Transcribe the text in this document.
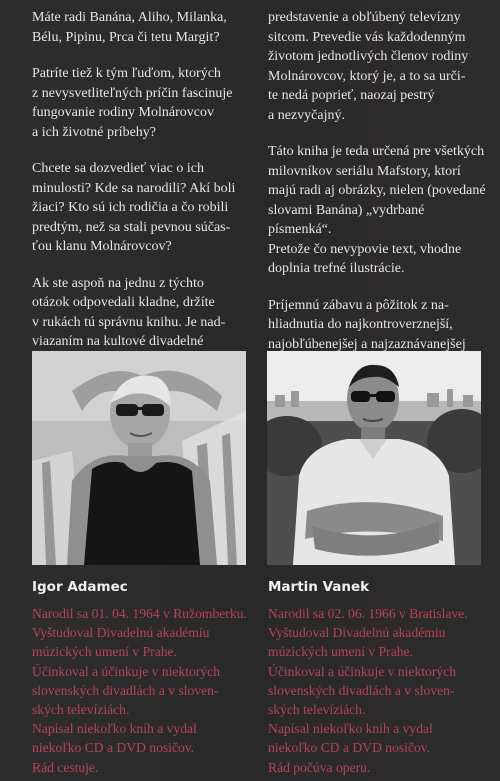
Máte radi Banána, Aliho, Milanka,
Bélu, Pipinu, Prca či tetu Margit?

Patríte tiež k tým ľuďom, ktorých
z nevysvetliteľných príčin fascinuje
fungovanie rodiny Molnárovcov
a ich životné príbehy?

Chcete sa dozvedieť viac o ich
minulosti? Kde sa narodili? Akí boli
žiaci? Kto sú ich rodičia a čo robili
predtým, než sa stali pevnou súčas-
ťou klanu Molnárovcov?

Ak ste aspoň na jednu z týchto
otázok odpovedali kladne, držíte
v rukách tú správnu knihu. Je nad-
viazaním na kultové divadelné

predstavenie a obľúbený televízny
sitcom. Prevedie vás každodenným
životom jednotlivých členov rodiny
Molnárovcov, ktorý je, a to sa urči-
te nedá poprieť, naozaj pestrý
a nezvyčajný.

Táto kniha je teda určená pre všetkých
milovníkov seriálu Mafstory, ktorí
majú radi aj obrázky, nielen (povedané
slovami Banána) „vydrbané písmenká“.
Pretože čo nevypovie text, vhodne
doplnia trefné ilustrácie.

Príjemnú zábavu a pôžitok z na-
hliadnutia do najkontroverznejší,
najobľúbenejšej a najzaznávanejšej

Igor Adamec

Narodil sa 01. 04. 1964 v Ružomberku.
Vyštudoval Divadelnú akadémiu
múzických umení v Prahe.
Účinkoval a účinkuje v niektorých
slovenských divadlách a v sloven-
ských televíziách.
Napísal niekoľko kníh a vydal
niekoľko CD a DVD nosičov.
Rád cestuje.

Martin Vanek

Narodil sa 02. 06. 1966 v Bratislave.
Vyštudoval Divadelnú akadémiu
múzických umení v Prahe.
Účinkoval a účinkuje v niektorých
slovenských divadlách a v sloven-
ských televíziách.
Napísal niekoľko kníh a vydal
niekoľko CD a DVD nosičov.
Rád počúva operu.
